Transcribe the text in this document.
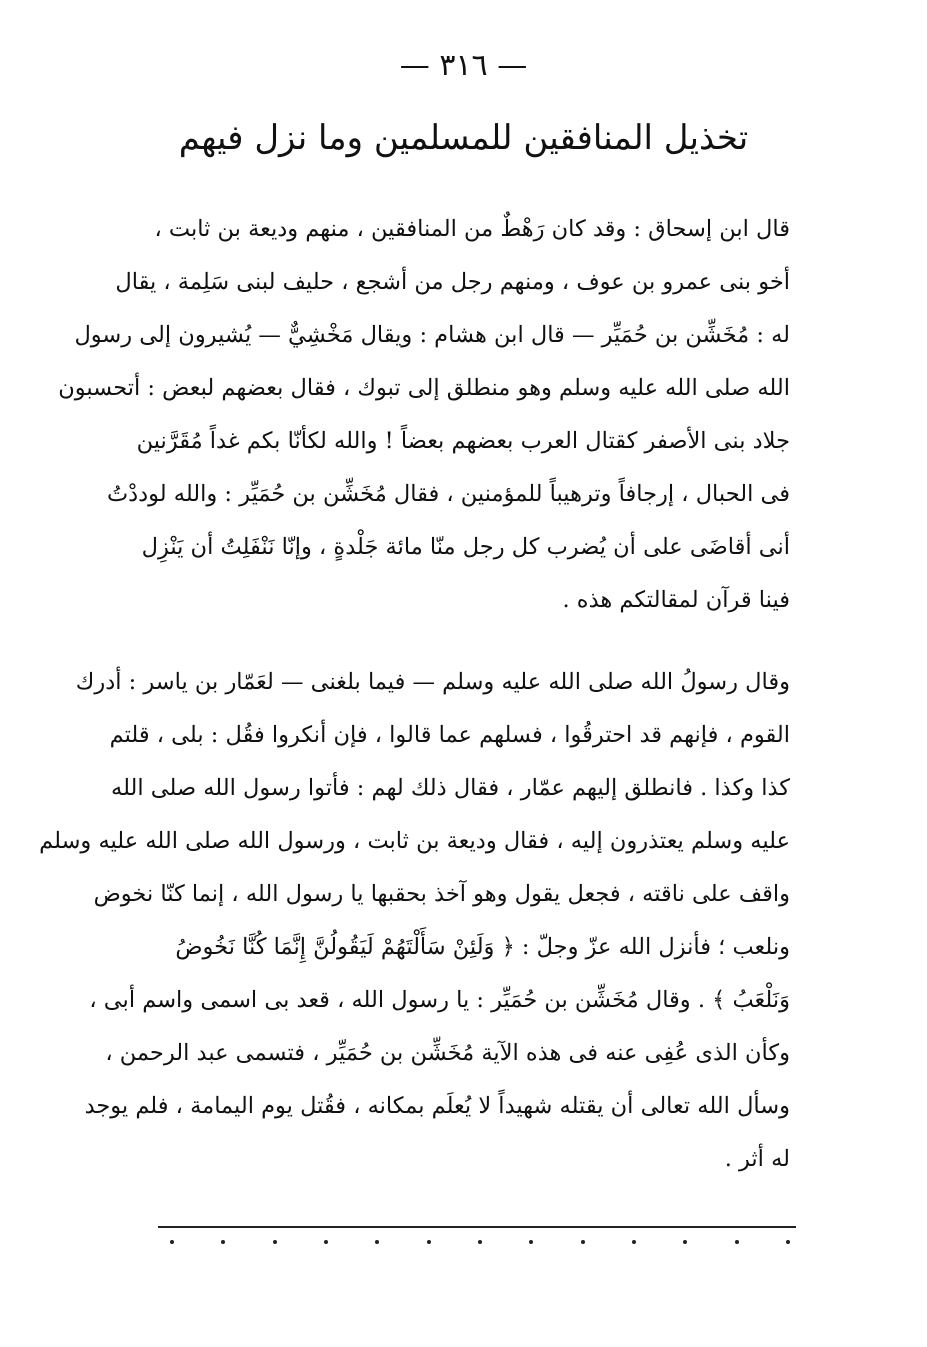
— ٣١٦ —
تخذيل المنافقين للمسلمين وما نزل فيهم

قال ابن إسحاق : وقد كان رَهْطٌ من المنافقين ، منهم وديعة بن ثابت ،
أخو بنى عمرو بن عوف ، ومنهم رجل من أشجع ، حليف لبنى سَلِمة ، يقال
له : مُخَشِّن بن حُمَيِّر — قال ابن هشام : ويقال مَخْشِيٌّ — يُشيرون إلى رسول
الله صلى الله عليه وسلم وهو منطلق إلى تبوك ، فقال بعضهم لبعض : أتحسبون
جلاد بنى الأصفر كقتال العرب بعضهم بعضاً ! والله لكأنّا بكم غداً مُقَرَّنين
فى الحبال ، إرجافاً وترهيباً للمؤمنين ، فقال مُخَشِّن بن حُمَيِّر : والله لوددْتُ
أنى أقاضَى على أن يُضرب كل رجل منّا مائة جَلْدةٍ ، وإنّا نَنْفَلِتُ أن يَنْزِل
فينا قرآن لمقالتكم هذه .

وقال رسولُ الله صلى الله عليه وسلم — فيما بلغنى — لعَمّار بن ياسر : أدرك
القوم ، فإنهم قد احترقُوا ، فسلهم عما قالوا ، فإن أنكروا فقُل : بلى ، قلتم
كذا وكذا . فانطلق إليهم عمّار ، فقال ذلك لهم : فأتوا رسول الله صلى الله
عليه وسلم يعتذرون إليه ، فقال وديعة بن ثابت ، ورسول الله صلى الله عليه وسلم
واقف على ناقته ، فجعل يقول وهو آخذ بحقبها يا رسول الله ، إنما كنّا نخوض
ونلعب ؛ فأنزل الله عزّ وجلّ : ﴿ وَلَئِنْ سَأَلْتَهُمْ لَيَقُولُنَّ إِنَّمَا كُنَّا نَخُوضُ
وَنَلْعَبُ ﴾ . وقال مُخَشِّن بن حُمَيِّر : يا رسول الله ، قعد بى اسمى واسم أبى ،
وكأن الذى عُفِى عنه فى هذه الآية مُخَشِّن بن حُمَيِّر ، فتسمى عبد الرحمن ،
وسأل الله تعالى أن يقتله شهيداً لا يُعلَم بمكانه ، فقُتل يوم اليمامة ، فلم يوجد
له أثر .
